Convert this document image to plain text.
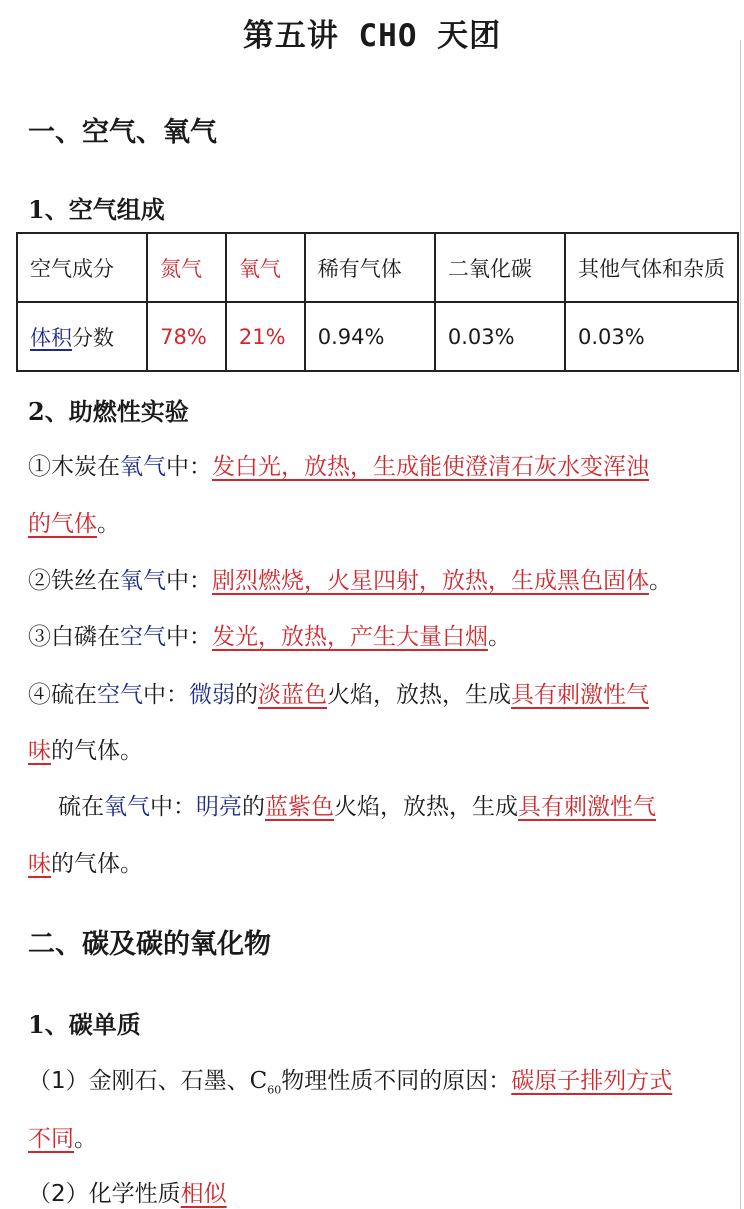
第五讲 CHO 天团
一、空气、氧气
1、空气组成
空气成分	氮气	氧气	稀有气体	二氧化碳	其他气体和杂质
体积分数	78%	21%	0.94%	0.03%	0.03%
2、助燃性实验
①木炭在氧气中：发白光，放热，生成能使澄清石灰水变浑浊
的气体。
②铁丝在氧气中：剧烈燃烧，火星四射，放热，生成黑色固体。
③白磷在空气中：发光，放热，产生大量白烟。
④硫在空气中：微弱的淡蓝色火焰，放热，生成具有刺激性气
味的气体。
硫在氧气中：明亮的蓝紫色火焰，放热，生成具有刺激性气
味的气体。
二、碳及碳的氧化物
1、碳单质
（1）金刚石、石墨、$C_{60}$物理性质不同的原因：碳原子排列方式
不同。
（2）化学性质相似
